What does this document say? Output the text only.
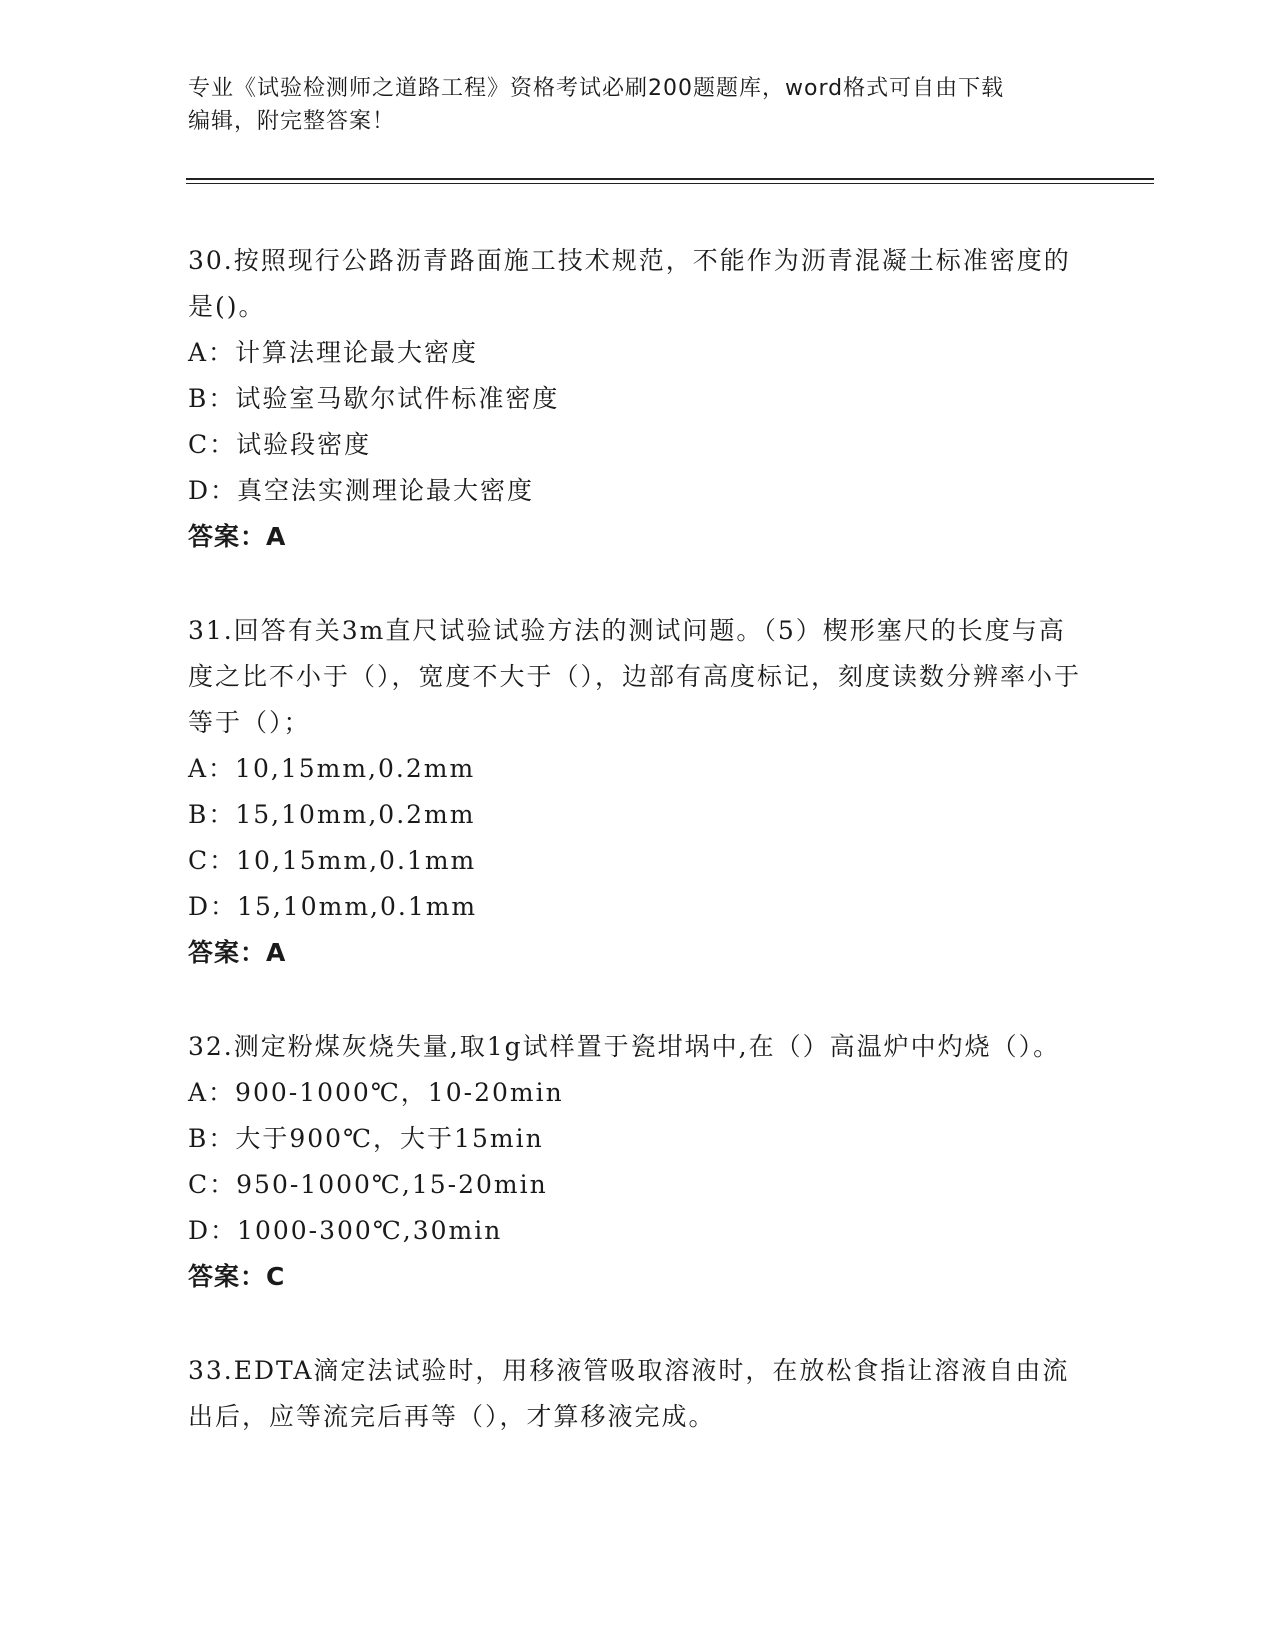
专业《试验检测师之道路工程》资格考试必刷200题题库，word格式可自由下载
编辑，附完整答案！
30.按照现行公路沥青路面施工技术规范，不能作为沥青混凝土标准密度的是()。
A：计算法理论最大密度
B：试验室马歇尔试件标准密度
C：试验段密度
D：真空法实测理论最大密度
答案：A
31.回答有关3m直尺试验试验方法的测试问题。（5）楔形塞尺的长度与高度之比不小于（），宽度不大于（），边部有高度标记，刻度读数分辨率小于等于（）；
A：10,15mm,0.2mm
B：15,10mm,0.2mm
C：10,15mm,0.1mm
D：15,10mm,0.1mm
答案：A
32.测定粉煤灰烧失量,取1g试样置于瓷坩埚中,在（）高温炉中灼烧（）。
A：900-1000℃，10-20min
B：大于900℃，大于15min
C：950-1000℃,15-20min
D：1000-300℃,30min
答案：C
33.EDTA滴定法试验时，用移液管吸取溶液时，在放松食指让溶液自由流出后，应等流完后再等（），才算移液完成。
